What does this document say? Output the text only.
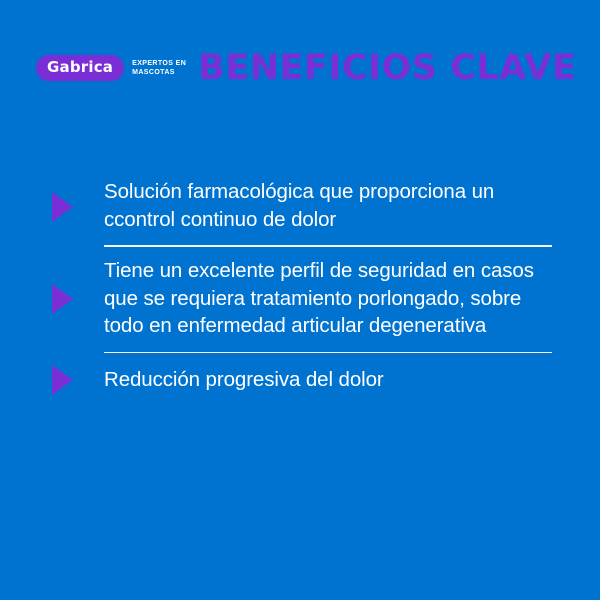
Gabrica	EXPERTOS EN MASCOTAS BENEFICIOS CLAVE
Solución farmacológica que proporciona un ccontrol continuo de dolor
Tiene un excelente perfil de seguridad en casos que se requiera tratamiento porlongado, sobre todo en enfermedad articular degenerativa
Reducción progresiva del dolor
